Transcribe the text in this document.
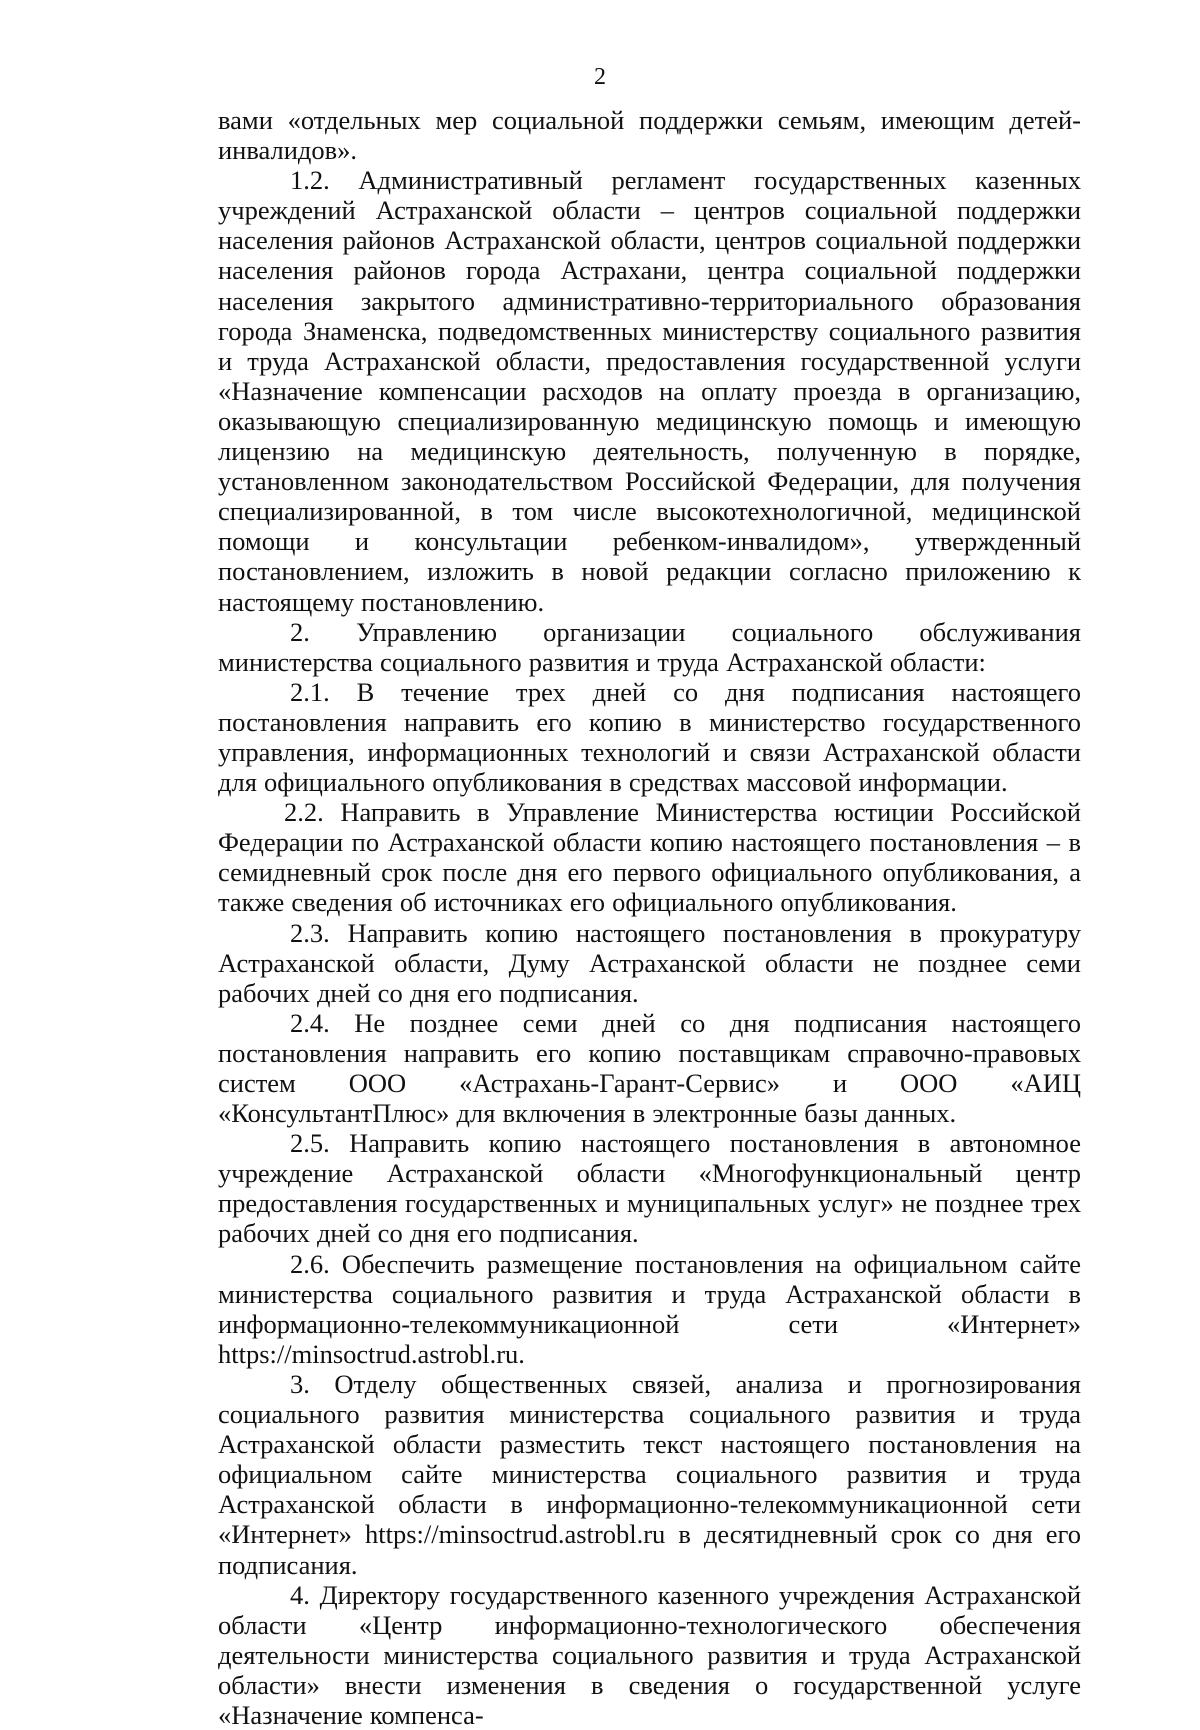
2

вами «отдельных мер социальной поддержки семьям, имеющим детей-инвалидов».

1.2. Административный регламент государственных казенных учреждений Астраханской области – центров социальной поддержки населения районов Астраханской области, центров социальной поддержки населения районов города Астрахани, центра социальной поддержки населения закрытого административно-территориального образования города Знаменска, подведомственных министерству социального развития и труда Астраханской области, предоставления государственной услуги «Назначение компенсации расходов на оплату проезда в организацию, оказывающую специализированную медицинскую помощь и имеющую лицензию на медицинскую деятельность, полученную в порядке, установленном законодательством Российской Федерации, для получения специализированной, в том числе высокотехнологичной, медицинской помощи и консультации ребенком-инвалидом», утвержденный постановлением, изложить в новой редакции согласно приложению к настоящему постановлению.

2. Управлению организации социального обслуживания министерства социального развития и труда Астраханской области:

2.1. В течение трех дней со дня подписания настоящего постановления направить его копию в министерство государственного управления, информационных технологий и связи Астраханской области для официального опубликования в средствах массовой информации.

2.2. Направить в Управление Министерства юстиции Российской Федерации по Астраханской области копию настоящего постановления – в семидневный срок после дня его первого официального опубликования, а также сведения об источниках его официального опубликования.

2.3. Направить копию настоящего постановления в прокуратуру Астраханской области, Думу Астраханской области не позднее семи рабочих дней со дня его подписания.

2.4. Не позднее семи дней со дня подписания настоящего постановления направить его копию поставщикам справочно-правовых систем ООО «Астрахань-Гарант-Сервис» и ООО «АИЦ «КонсультантПлюс» для включения в электронные базы данных.

2.5. Направить копию настоящего постановления в автономное учреждение Астраханской области «Многофункциональный центр предоставления государственных и муниципальных услуг» не позднее трех рабочих дней со дня его подписания.

2.6. Обеспечить размещение постановления на официальном сайте министерства социального развития и труда Астраханской области в информационно-телекоммуникационной сети «Интернет» https://minsoctrud.astrobl.ru.

3. Отделу общественных связей, анализа и прогнозирования социального развития министерства социального развития и труда Астраханской области разместить текст настоящего постановления на официальном сайте министерства социального развития и труда Астраханской области в информационно-телекоммуникационной сети «Интернет» https://minsoctrud.astrobl.ru в десятидневный срок со дня его подписания.

4. Директору государственного казенного учреждения Астраханской области «Центр информационно-технологического обеспечения деятельности министерства социального развития и труда Астраханской области» внести изменения в сведения о государственной услуге «Назначение компенса-
